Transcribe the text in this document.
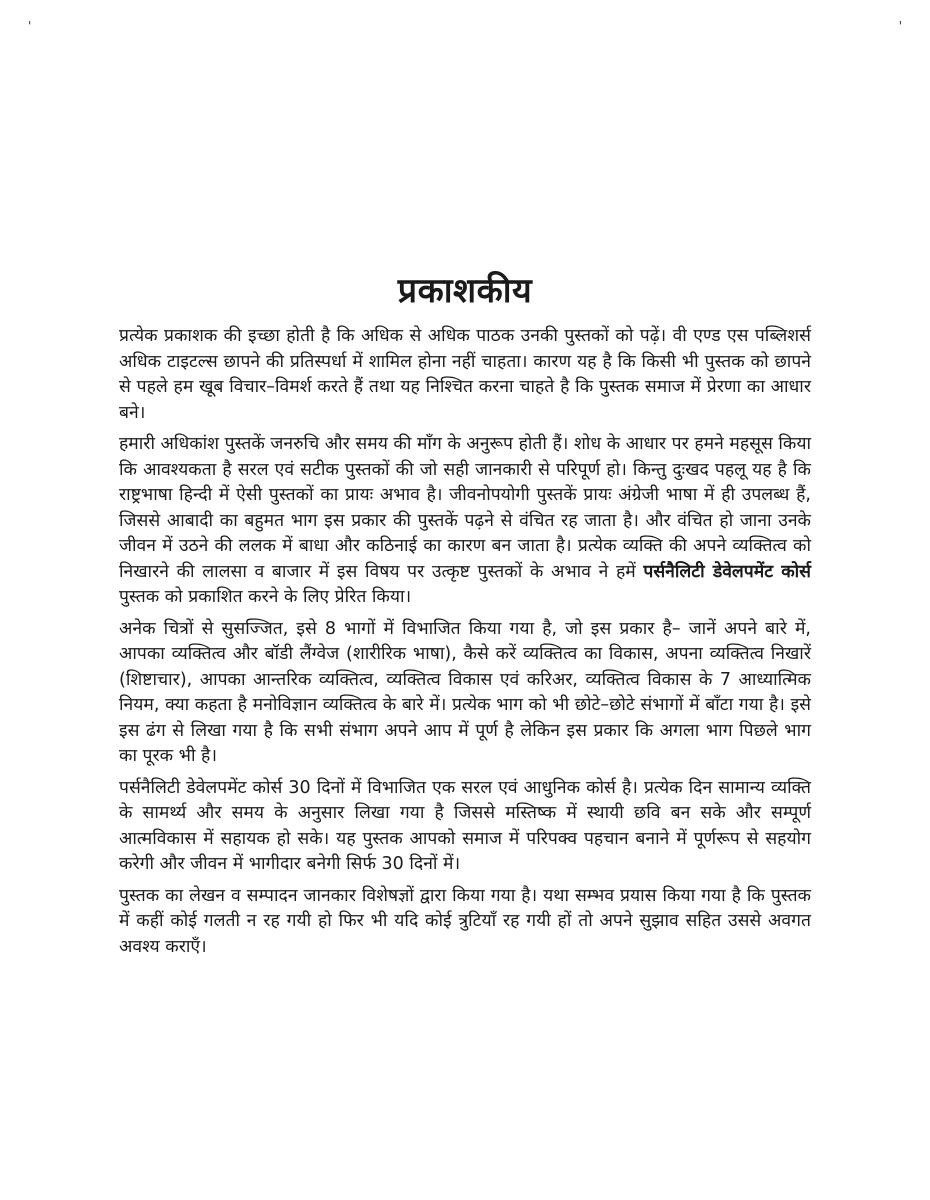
'	'
प्रकाशकीय

प्रत्येक प्रकाशक की इच्छा होती है कि अधिक से अधिक पाठक उनकी पुस्तकों को पढ़ें। वी एण्ड एस पब्लिशर्स अधिक टाइटल्स छापने की प्रतिस्पर्धा में शामिल होना नहीं चाहता। कारण यह है कि किसी भी पुस्तक को छापने से पहले हम खूब विचार–विमर्श करते हैं तथा यह निश्चित करना चाहते है कि पुस्तक समाज में प्रेरणा का आधार बने।

हमारी अधिकांश पुस्तकें जनरुचि और समय की माँग के अनुरूप होती हैं। शोध के आधार पर हमने महसूस किया कि आवश्यकता है सरल एवं सटीक पुस्तकों की जो सही जानकारी से परिपूर्ण हो। किन्तु दुःखद पहलू यह है कि राष्ट्रभाषा हिन्दी में ऐसी पुस्तकों का प्रायः अभाव है। जीवनोपयोगी पुस्तकें प्रायः अंग्रेजी भाषा में ही उपलब्ध हैं, जिससे आबादी का बहुमत भाग इस प्रकार की पुस्तकें पढ़ने से वंचित रह जाता है। और वंचित हो जाना उनके जीवन में उठने की ललक में बाधा और कठिनाई का कारण बन जाता है। प्रत्येक व्यक्ति की अपने व्यक्तित्व को निखारने की लालसा व बाजार में इस विषय पर उत्कृष्ट पुस्तकों के अभाव ने हमें पर्सनैलिटी डेवेलपमेंट कोर्स पुस्तक को प्रकाशित करने के लिए प्रेरित किया।

अनेक चित्रों से सुसज्जित, इसे 8 भागों में विभाजित किया गया है, जो इस प्रकार है– जानें अपने बारे में, आपका व्यक्तित्व और बॉडी लैंग्वेज (शारीरिक भाषा), कैसे करें व्यक्तित्व का विकास, अपना व्यक्तित्व निखारें (शिष्टाचार), आपका आन्तरिक व्यक्तित्व, व्यक्तित्व विकास एवं करिअर, व्यक्तित्व विकास के 7 आध्यात्मिक नियम, क्या कहता है मनोविज्ञान व्यक्तित्व के बारे में। प्रत्येक भाग को भी छोटे–छोटे संभागों में बाँटा गया है। इसे इस ढंग से लिखा गया है कि सभी संभाग अपने आप में पूर्ण है लेकिन इस प्रकार कि अगला भाग पिछले भाग का पूरक भी है।

पर्सनैलिटी डेवेलपमेंट कोर्स 30 दिनों में विभाजित एक सरल एवं आधुनिक कोर्स है। प्रत्येक दिन सामान्य व्यक्ति के सामर्थ्य और समय के अनुसार लिखा गया है जिससे मस्तिष्क में स्थायी छवि बन सके और सम्पूर्ण आत्मविकास में सहायक हो सके। यह पुस्तक आपको समाज में परिपक्व पहचान बनाने में पूर्णरूप से सहयोग करेगी और जीवन में भागीदार बनेगी सिर्फ 30 दिनों में।

पुस्तक का लेखन व सम्पादन जानकार विशेषज्ञों द्वारा किया गया है। यथा सम्भव प्रयास किया गया है कि पुस्तक में कहीं कोई गलती न रह गयी हो फिर भी यदि कोई त्रुटियाँ रह गयी हों तो अपने सुझाव सहित उससे अवगत अवश्य कराएँ।
